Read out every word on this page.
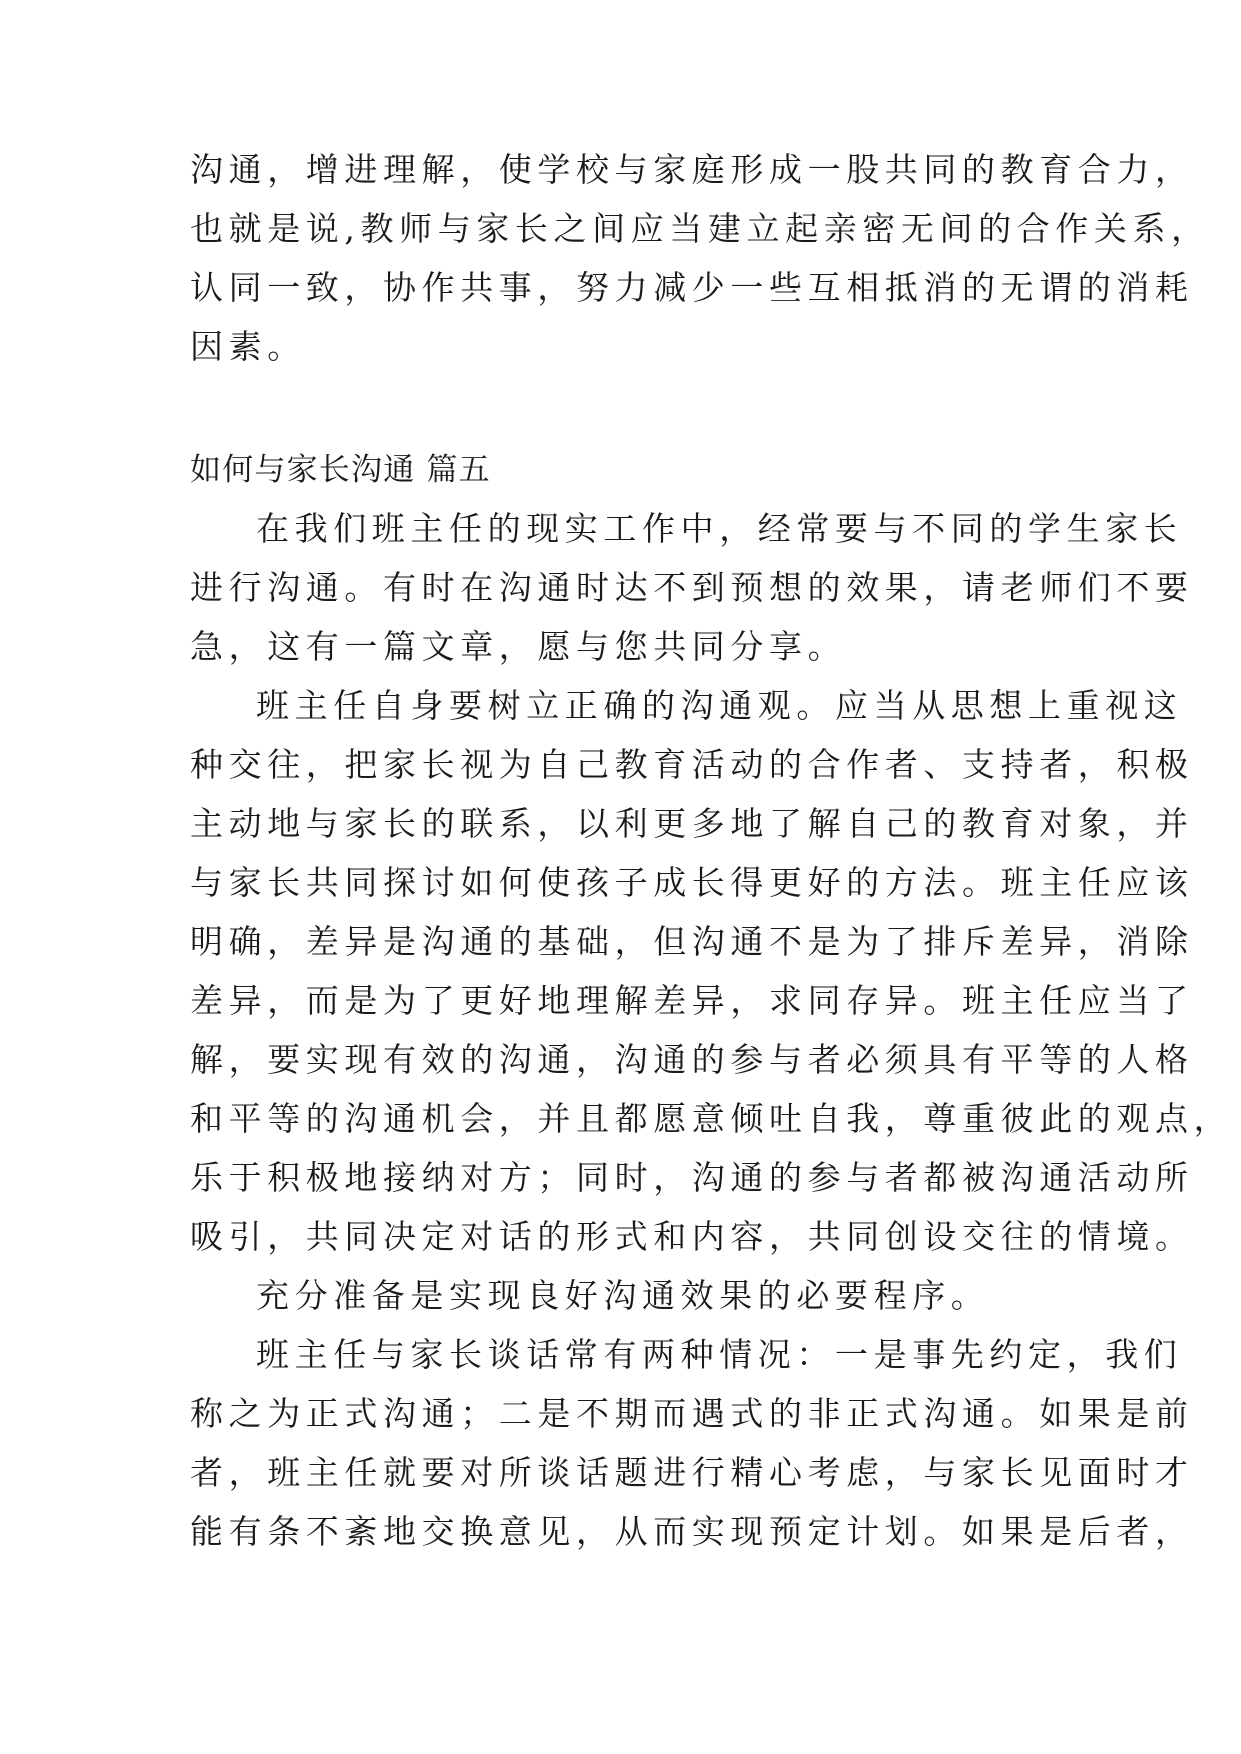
沟通，增进理解，使学校与家庭形成一股共同的教育合力，
也就是说,教师与家长之间应当建立起亲密无间的合作关系，
认同一致，协作共事，努力减少一些互相抵消的无谓的消耗
因素。
如何与家长沟通 篇五
在我们班主任的现实工作中，经常要与不同的学生家长
进行沟通。有时在沟通时达不到预想的效果，请老师们不要
急，这有一篇文章，愿与您共同分享。
班主任自身要树立正确的沟通观。应当从思想上重视这
种交往，把家长视为自己教育活动的合作者、支持者，积极
主动地与家长的联系，以利更多地了解自己的教育对象，并
与家长共同探讨如何使孩子成长得更好的方法。班主任应该
明确，差异是沟通的基础，但沟通不是为了排斥差异，消除
差异，而是为了更好地理解差异，求同存异。班主任应当了
解，要实现有效的沟通，沟通的参与者必须具有平等的人格
和平等的沟通机会，并且都愿意倾吐自我，尊重彼此的观点，
乐于积极地接纳对方；同时，沟通的参与者都被沟通活动所
吸引，共同决定对话的形式和内容，共同创设交往的情境。
充分准备是实现良好沟通效果的必要程序。
班主任与家长谈话常有两种情况：一是事先约定，我们
称之为正式沟通；二是不期而遇式的非正式沟通。如果是前
者，班主任就要对所谈话题进行精心考虑，与家长见面时才
能有条不紊地交换意见，从而实现预定计划。如果是后者，
